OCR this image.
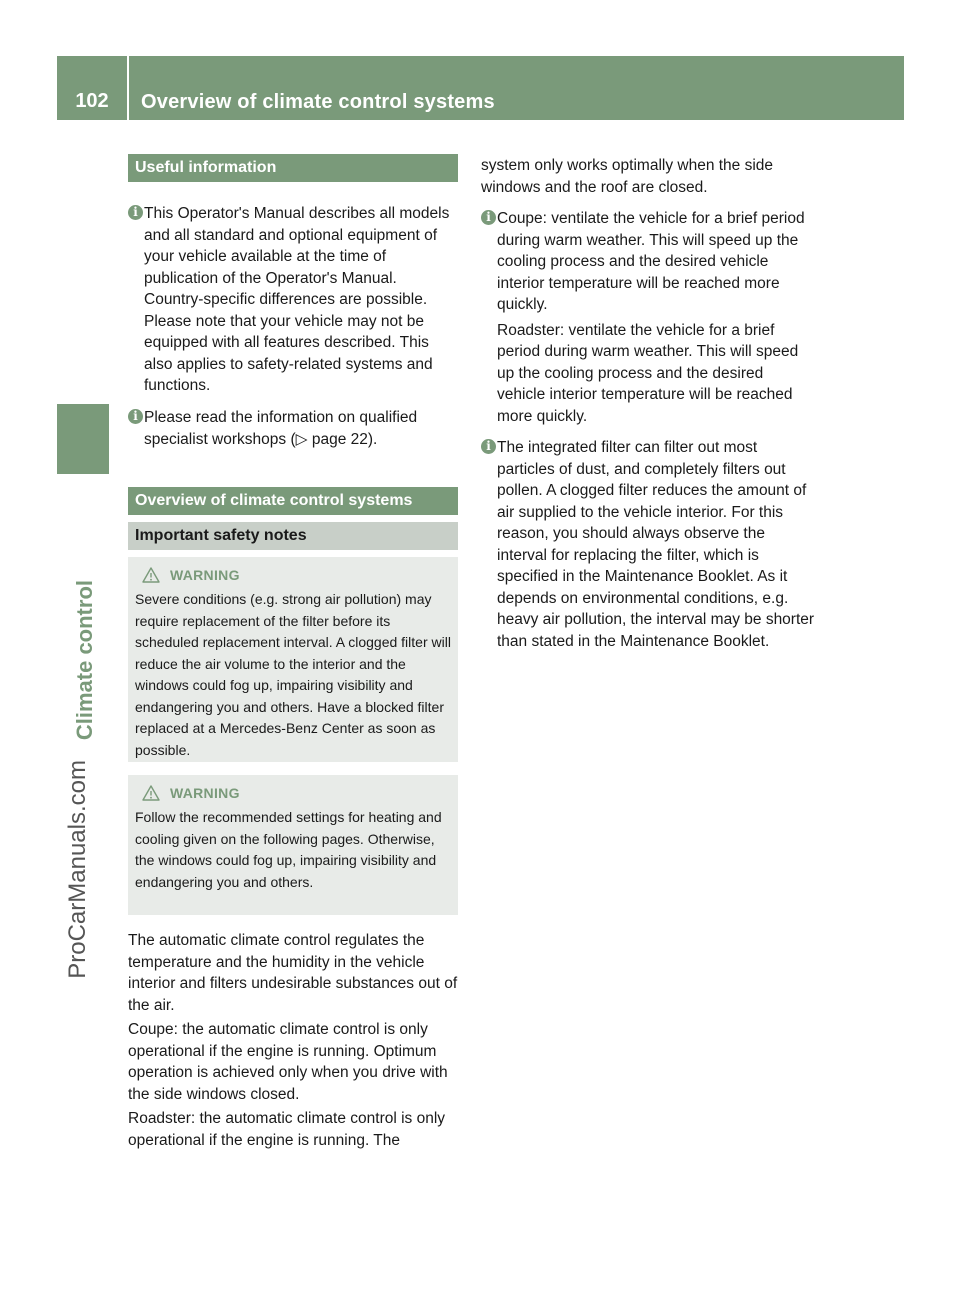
102	Overview of climate control systems
Climate control
ProCarManuals.com
Useful information
i This Operator's Manual describes all models and all standard and optional equipment of your vehicle available at the time of publication of the Operator's Manual. Country-specific differences are possible. Please note that your vehicle may not be equipped with all features described. This also applies to safety-related systems and functions.
i Please read the information on qualified specialist workshops (▷ page 22).
Overview of climate control systems
Important safety notes
WARNING
Severe conditions (e.g. strong air pollution) may require replacement of the filter before its scheduled replacement interval. A clogged filter will reduce the air volume to the interior and the windows could fog up, impairing visibility and endangering you and others. Have a blocked filter replaced at a Mercedes-Benz Center as soon as possible.
WARNING
Follow the recommended settings for heating and cooling given on the following pages. Otherwise, the windows could fog up, impairing visibility and endangering you and others.
The automatic climate control regulates the temperature and the humidity in the vehicle interior and filters undesirable substances out of the air.
Coupe: the automatic climate control is only operational if the engine is running. Optimum operation is achieved only when you drive with the side windows closed.
Roadster: the automatic climate control is only operational if the engine is running. The
system only works optimally when the side windows and the roof are closed.
i Coupe: ventilate the vehicle for a brief period during warm weather. This will speed up the cooling process and the desired vehicle interior temperature will be reached more quickly.
Roadster: ventilate the vehicle for a brief period during warm weather. This will speed up the cooling process and the desired vehicle interior temperature will be reached more quickly.
i The integrated filter can filter out most particles of dust, and completely filters out pollen. A clogged filter reduces the amount of air supplied to the vehicle interior. For this reason, you should always observe the interval for replacing the filter, which is specified in the Maintenance Booklet. As it depends on environmental conditions, e.g. heavy air pollution, the interval may be shorter than stated in the Maintenance Booklet.
